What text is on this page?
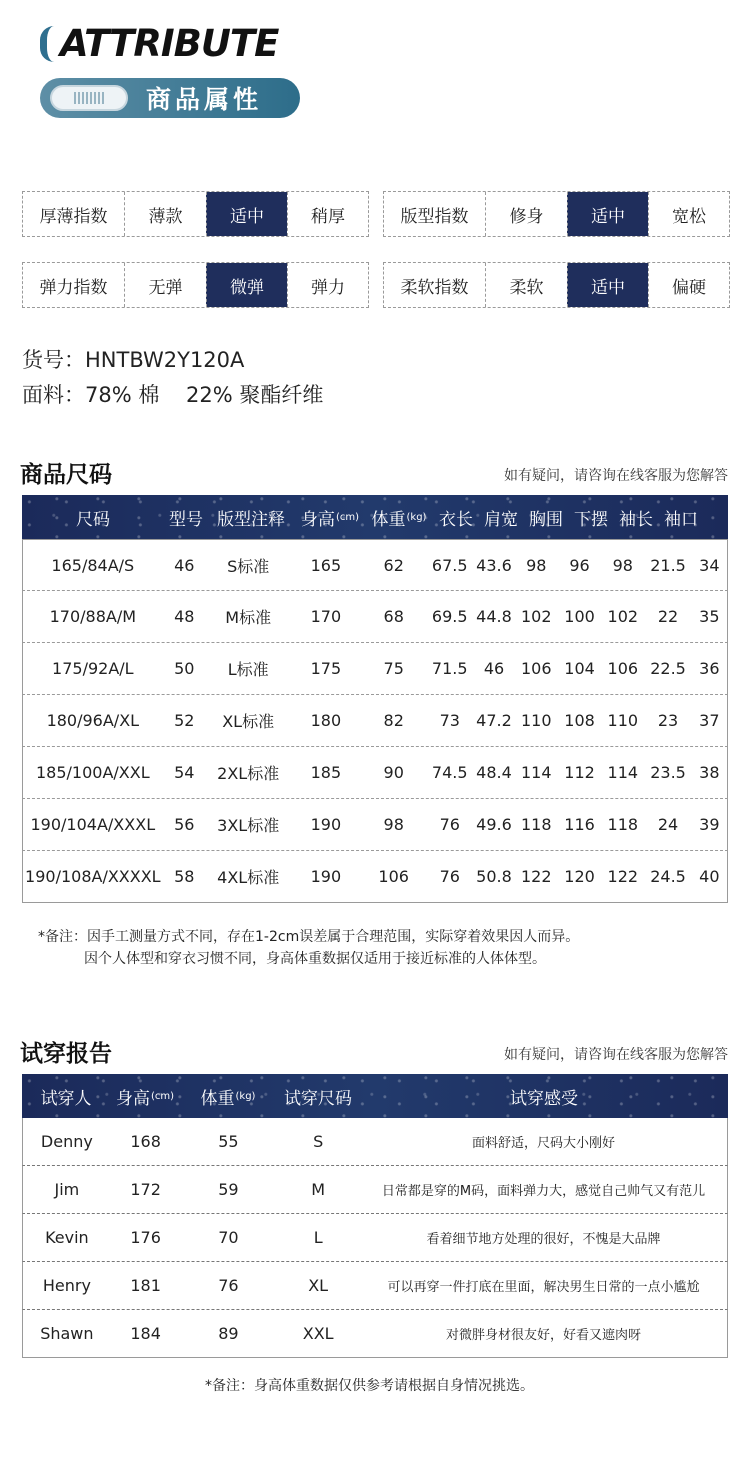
ATTRIBUTE
商品属性
厚薄指数	薄款	适中	稍厚	版型指数	修身	适中	宽松
弹力指数	无弹	微弹	弹力	柔软指数	柔软	适中	偏硬
货号：HNTBW2Y120A
面料：78% 棉    22% 聚酯纤维
商品尺码	如有疑问，请咨询在线客服为您解答
尺码	型号 版型注释 身高 (cm) 体重 (kg) 衣长 肩宽 胸围 下摆 袖长 袖口
165/84A/S	46	S标准	165	62	67.5 43.6 98	96	98	21.5 34
170/88A/M	48	M标准	170	68	69.5 44.8 102 100 102	22	35
175/92A/L	50	L标准	175	75	71.5	46	106 104 106 22.5 36
180/96A/XL	52	XL标准	180	82	73	47.2 110 108 110	23	37
185/100A/XXL	54	2XL标准	185	90	74.5 48.4 114 112 114 23.5 38
190/104A/XXXL	56	3XL标准	190	98	76	49.6 118 116 118	24	39
190/108A/XXXXL 58	4XL标准	190	106	76	50.8 122 120 122 24.5 40
*备注：因手工测量方式不同，存在1-2cm误差属于合理范围，实际穿着效果因人而异。
因个人体型和穿衣习惯不同，身高体重数据仅适用于接近标准的人体体型。
试穿报告	如有疑问，请咨询在线客服为您解答
试穿人	身高 (cm) 体重 (kg)	试穿尺码	试穿感受
Denny	168	55	S	面料舒适，尺码大小刚好
Jim	172	59	M	日常都是穿的M码，面料弹力大，感觉自己帅气又有范儿
Kevin	176	70	L	看着细节地方处理的很好，不愧是大品牌
Henry	181	76	XL	可以再穿一件打底在里面，解决男生日常的一点小尴尬
Shawn	184	89	XXL	对微胖身材很友好，好看又遮肉呀
*备注：身高体重数据仅供参考请根据自身情况挑选。
